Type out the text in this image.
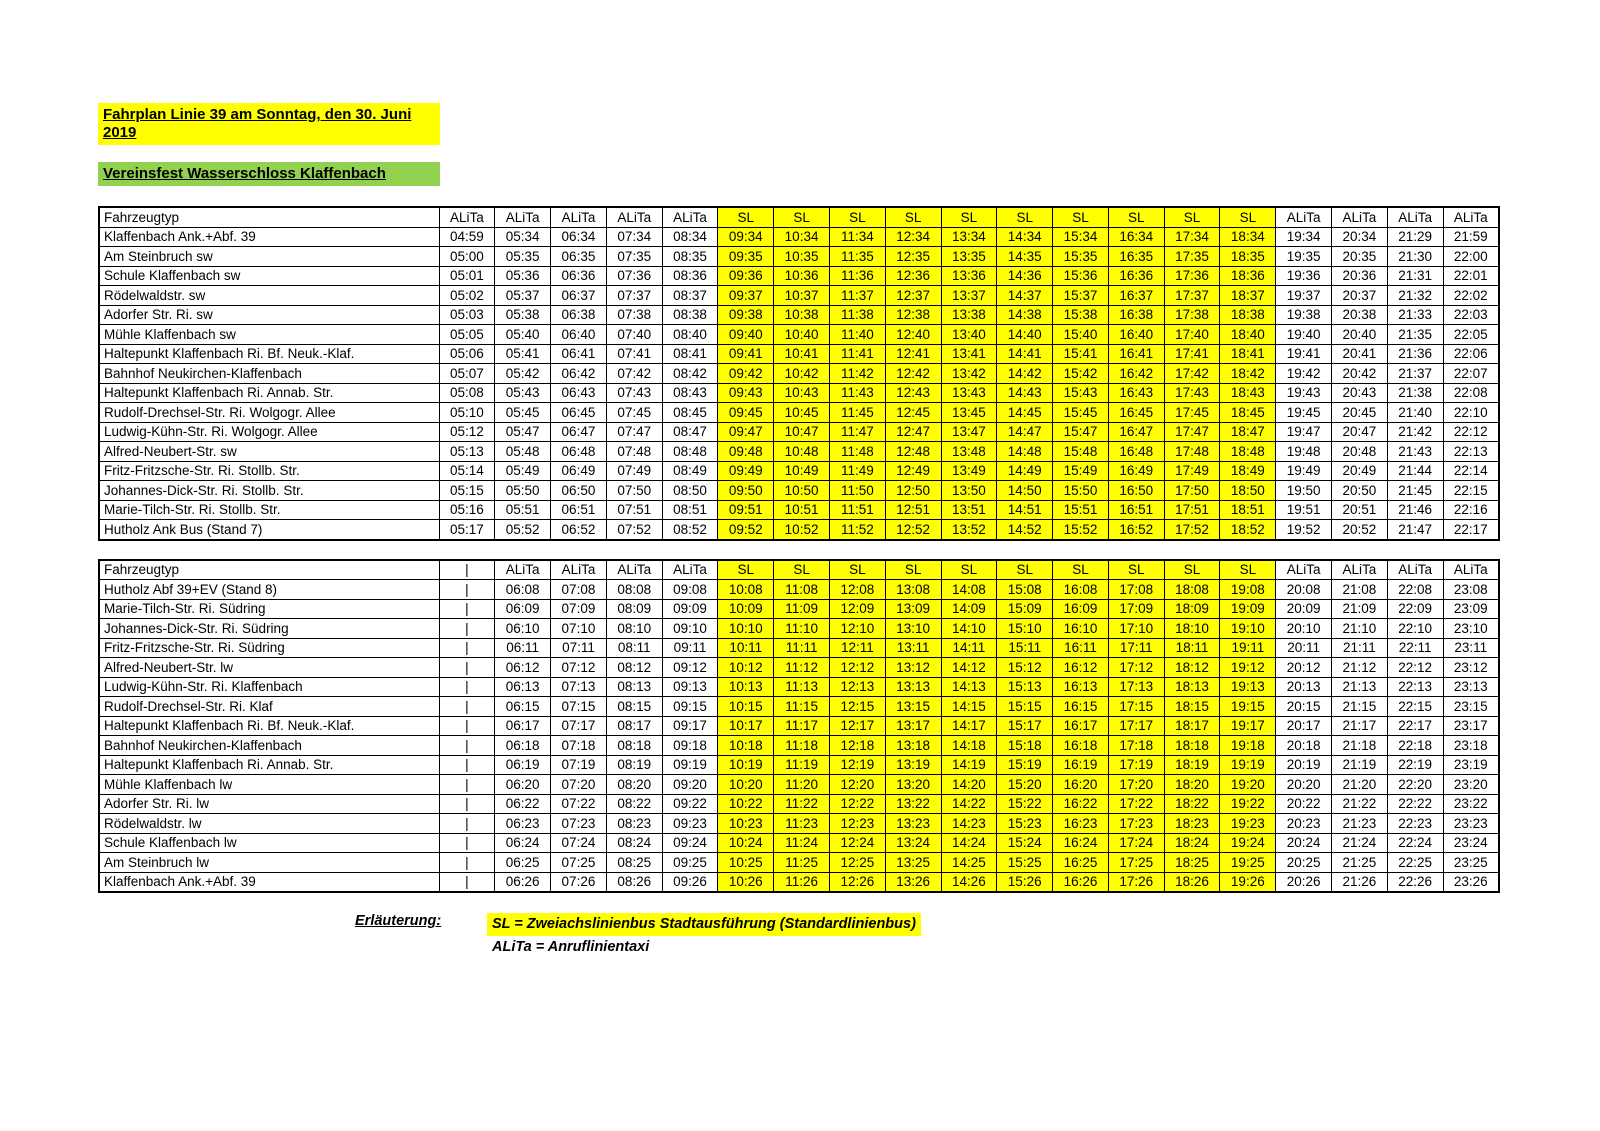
Fahrplan Linie 39 am Sonntag, den 30. Juni 2019
Vereinsfest Wasserschloss Klaffenbach
Fahrzeugtyp	ALiTa	ALiTa	ALiTa	ALiTa	ALiTa	SL	SL	SL	SL	SL	SL	SL	SL	SL	SL	ALiTa	ALiTa	ALiTa	ALiTa
Klaffenbach Ank.+Abf. 39	04:59	05:34	06:34	07:34	08:34	09:34	10:34	11:34	12:34	13:34	14:34	15:34	16:34	17:34	18:34	19:34	20:34	21:29	21:59
Am Steinbruch sw	05:00	05:35	06:35	07:35	08:35	09:35	10:35	11:35	12:35	13:35	14:35	15:35	16:35	17:35	18:35	19:35	20:35	21:30	22:00
Schule Klaffenbach sw	05:01	05:36	06:36	07:36	08:36	09:36	10:36	11:36	12:36	13:36	14:36	15:36	16:36	17:36	18:36	19:36	20:36	21:31	22:01
Rödelwaldstr. sw	05:02	05:37	06:37	07:37	08:37	09:37	10:37	11:37	12:37	13:37	14:37	15:37	16:37	17:37	18:37	19:37	20:37	21:32	22:02
Adorfer Str. Ri. sw	05:03	05:38	06:38	07:38	08:38	09:38	10:38	11:38	12:38	13:38	14:38	15:38	16:38	17:38	18:38	19:38	20:38	21:33	22:03
Mühle Klaffenbach sw	05:05	05:40	06:40	07:40	08:40	09:40	10:40	11:40	12:40	13:40	14:40	15:40	16:40	17:40	18:40	19:40	20:40	21:35	22:05
Haltepunkt Klaffenbach Ri. Bf. Neuk.-Klaf.	05:06	05:41	06:41	07:41	08:41	09:41	10:41	11:41	12:41	13:41	14:41	15:41	16:41	17:41	18:41	19:41	20:41	21:36	22:06
Bahnhof Neukirchen-Klaffenbach	05:07	05:42	06:42	07:42	08:42	09:42	10:42	11:42	12:42	13:42	14:42	15:42	16:42	17:42	18:42	19:42	20:42	21:37	22:07
Haltepunkt Klaffenbach Ri. Annab. Str.	05:08	05:43	06:43	07:43	08:43	09:43	10:43	11:43	12:43	13:43	14:43	15:43	16:43	17:43	18:43	19:43	20:43	21:38	22:08
Rudolf-Drechsel-Str. Ri. Wolgogr. Allee	05:10	05:45	06:45	07:45	08:45	09:45	10:45	11:45	12:45	13:45	14:45	15:45	16:45	17:45	18:45	19:45	20:45	21:40	22:10
Ludwig-Kühn-Str. Ri. Wolgogr. Allee	05:12	05:47	06:47	07:47	08:47	09:47	10:47	11:47	12:47	13:47	14:47	15:47	16:47	17:47	18:47	19:47	20:47	21:42	22:12
Alfred-Neubert-Str. sw	05:13	05:48	06:48	07:48	08:48	09:48	10:48	11:48	12:48	13:48	14:48	15:48	16:48	17:48	18:48	19:48	20:48	21:43	22:13
Fritz-Fritzsche-Str. Ri. Stollb. Str.	05:14	05:49	06:49	07:49	08:49	09:49	10:49	11:49	12:49	13:49	14:49	15:49	16:49	17:49	18:49	19:49	20:49	21:44	22:14
Johannes-Dick-Str. Ri. Stollb. Str.	05:15	05:50	06:50	07:50	08:50	09:50	10:50	11:50	12:50	13:50	14:50	15:50	16:50	17:50	18:50	19:50	20:50	21:45	22:15
Marie-Tilch-Str. Ri. Stollb. Str.	05:16	05:51	06:51	07:51	08:51	09:51	10:51	11:51	12:51	13:51	14:51	15:51	16:51	17:51	18:51	19:51	20:51	21:46	22:16
Hutholz Ank Bus (Stand 7)	05:17	05:52	06:52	07:52	08:52	09:52	10:52	11:52	12:52	13:52	14:52	15:52	16:52	17:52	18:52	19:52	20:52	21:47	22:17
Fahrzeugtyp	|	ALiTa	ALiTa	ALiTa	ALiTa	SL	SL	SL	SL	SL	SL	SL	SL	SL	SL	ALiTa	ALiTa	ALiTa	ALiTa
Hutholz Abf 39+EV (Stand 8)	|	06:08	07:08	08:08	09:08	10:08	11:08	12:08	13:08	14:08	15:08	16:08	17:08	18:08	19:08	20:08	21:08	22:08	23:08
Marie-Tilch-Str. Ri. Südring	|	06:09	07:09	08:09	09:09	10:09	11:09	12:09	13:09	14:09	15:09	16:09	17:09	18:09	19:09	20:09	21:09	22:09	23:09
Johannes-Dick-Str. Ri. Südring	|	06:10	07:10	08:10	09:10	10:10	11:10	12:10	13:10	14:10	15:10	16:10	17:10	18:10	19:10	20:10	21:10	22:10	23:10
Fritz-Fritzsche-Str. Ri. Südring	|	06:11	07:11	08:11	09:11	10:11	11:11	12:11	13:11	14:11	15:11	16:11	17:11	18:11	19:11	20:11	21:11	22:11	23:11
Alfred-Neubert-Str. lw	|	06:12	07:12	08:12	09:12	10:12	11:12	12:12	13:12	14:12	15:12	16:12	17:12	18:12	19:12	20:12	21:12	22:12	23:12
Ludwig-Kühn-Str. Ri. Klaffenbach	|	06:13	07:13	08:13	09:13	10:13	11:13	12:13	13:13	14:13	15:13	16:13	17:13	18:13	19:13	20:13	21:13	22:13	23:13
Rudolf-Drechsel-Str. Ri. Klaf	|	06:15	07:15	08:15	09:15	10:15	11:15	12:15	13:15	14:15	15:15	16:15	17:15	18:15	19:15	20:15	21:15	22:15	23:15
Haltepunkt Klaffenbach Ri. Bf. Neuk.-Klaf.	|	06:17	07:17	08:17	09:17	10:17	11:17	12:17	13:17	14:17	15:17	16:17	17:17	18:17	19:17	20:17	21:17	22:17	23:17
Bahnhof Neukirchen-Klaffenbach	|	06:18	07:18	08:18	09:18	10:18	11:18	12:18	13:18	14:18	15:18	16:18	17:18	18:18	19:18	20:18	21:18	22:18	23:18
Haltepunkt Klaffenbach Ri. Annab. Str.	|	06:19	07:19	08:19	09:19	10:19	11:19	12:19	13:19	14:19	15:19	16:19	17:19	18:19	19:19	20:19	21:19	22:19	23:19
Mühle Klaffenbach lw	|	06:20	07:20	08:20	09:20	10:20	11:20	12:20	13:20	14:20	15:20	16:20	17:20	18:20	19:20	20:20	21:20	22:20	23:20
Adorfer Str. Ri. lw	|	06:22	07:22	08:22	09:22	10:22	11:22	12:22	13:22	14:22	15:22	16:22	17:22	18:22	19:22	20:22	21:22	22:22	23:22
Rödelwaldstr. lw	|	06:23	07:23	08:23	09:23	10:23	11:23	12:23	13:23	14:23	15:23	16:23	17:23	18:23	19:23	20:23	21:23	22:23	23:23
Schule Klaffenbach lw	|	06:24	07:24	08:24	09:24	10:24	11:24	12:24	13:24	14:24	15:24	16:24	17:24	18:24	19:24	20:24	21:24	22:24	23:24
Am Steinbruch lw	|	06:25	07:25	08:25	09:25	10:25	11:25	12:25	13:25	14:25	15:25	16:25	17:25	18:25	19:25	20:25	21:25	22:25	23:25
Klaffenbach Ank.+Abf. 39	|	06:26	07:26	08:26	09:26	10:26	11:26	12:26	13:26	14:26	15:26	16:26	17:26	18:26	19:26	20:26	21:26	22:26	23:26
Erläuterung:	SL = Zweiachslinienbus Stadtausführung (Standardlinienbus)
ALiTa = Anruflinientaxi
